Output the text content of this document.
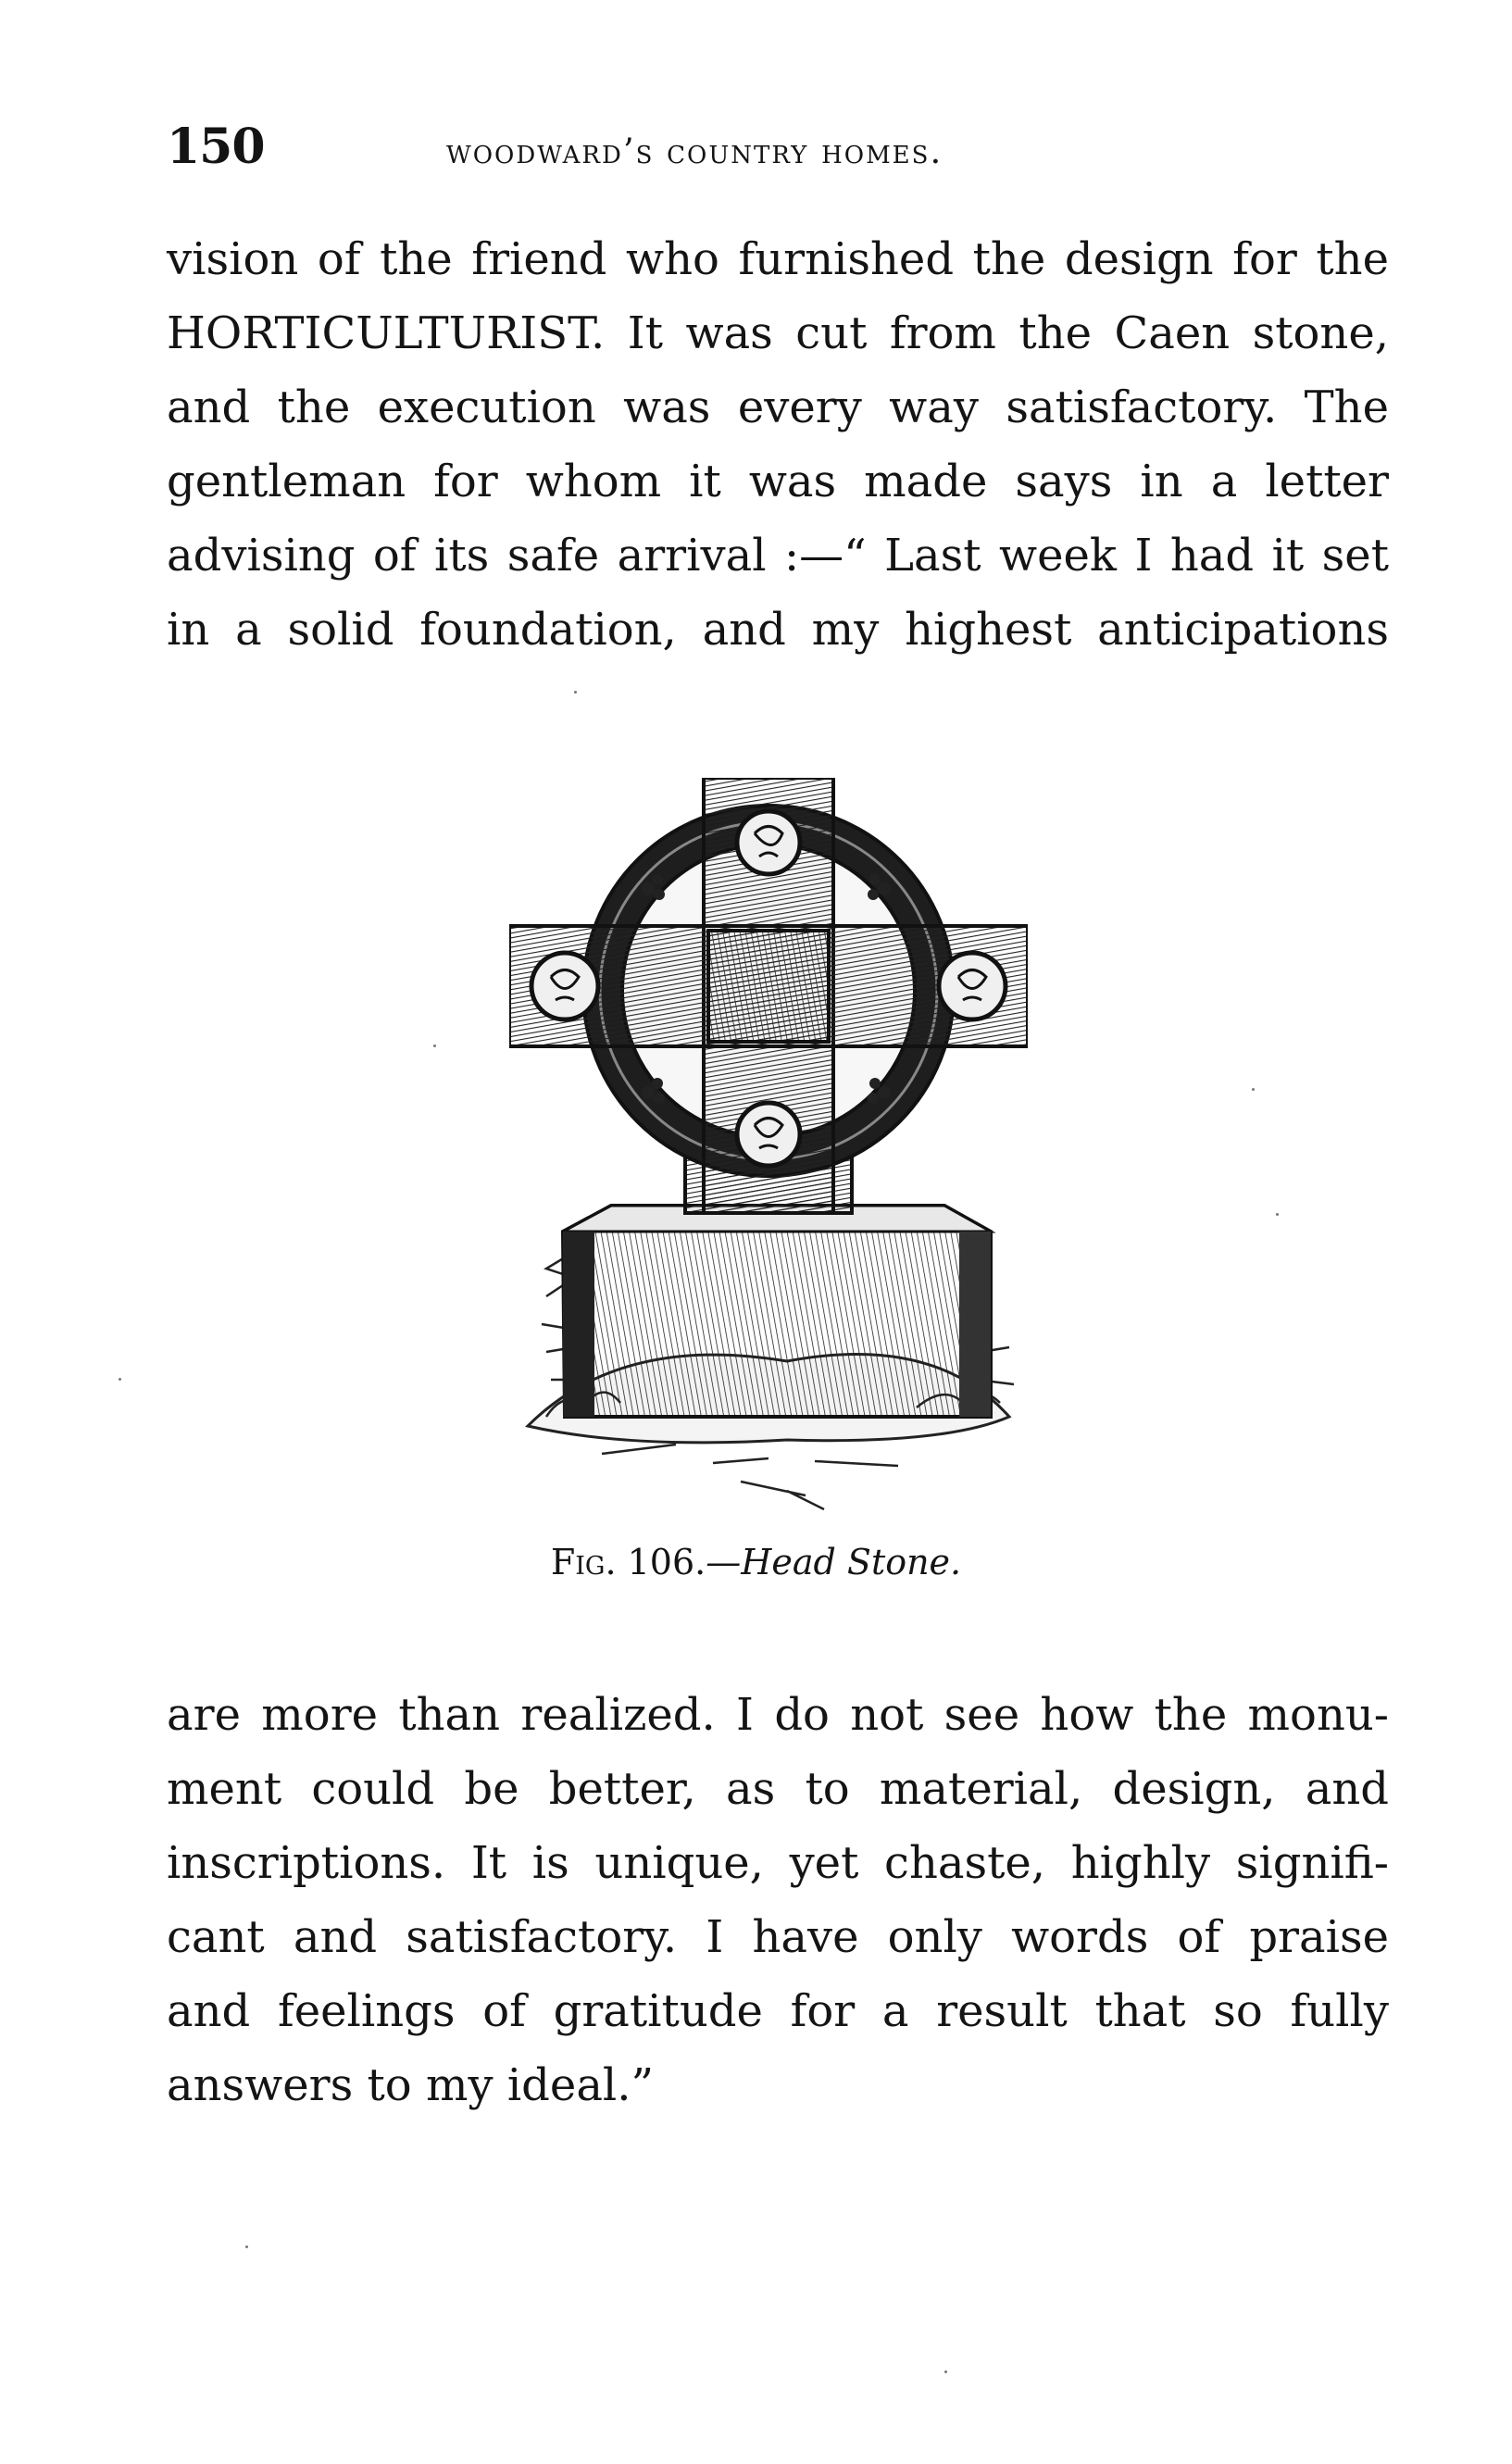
150	woodward’s country homes.
vision of the friend who furnished the design for the
HORTICULTURIST. It was cut from the Caen stone,
and the execution was every way satisfactory. The
gentleman for whom it was made says in a letter
advising of its safe arrival :—“ Last week I had it set
in a solid foundation, and my highest anticipations
Fig. 106.—Head Stone.
are more than realized. I do not see how the monu-
ment could be better, as to material, design, and
inscriptions. It is unique, yet chaste, highly signifi-
cant and satisfactory. I have only words of praise
and feelings of gratitude for a result that so fully
answers to my ideal.”
